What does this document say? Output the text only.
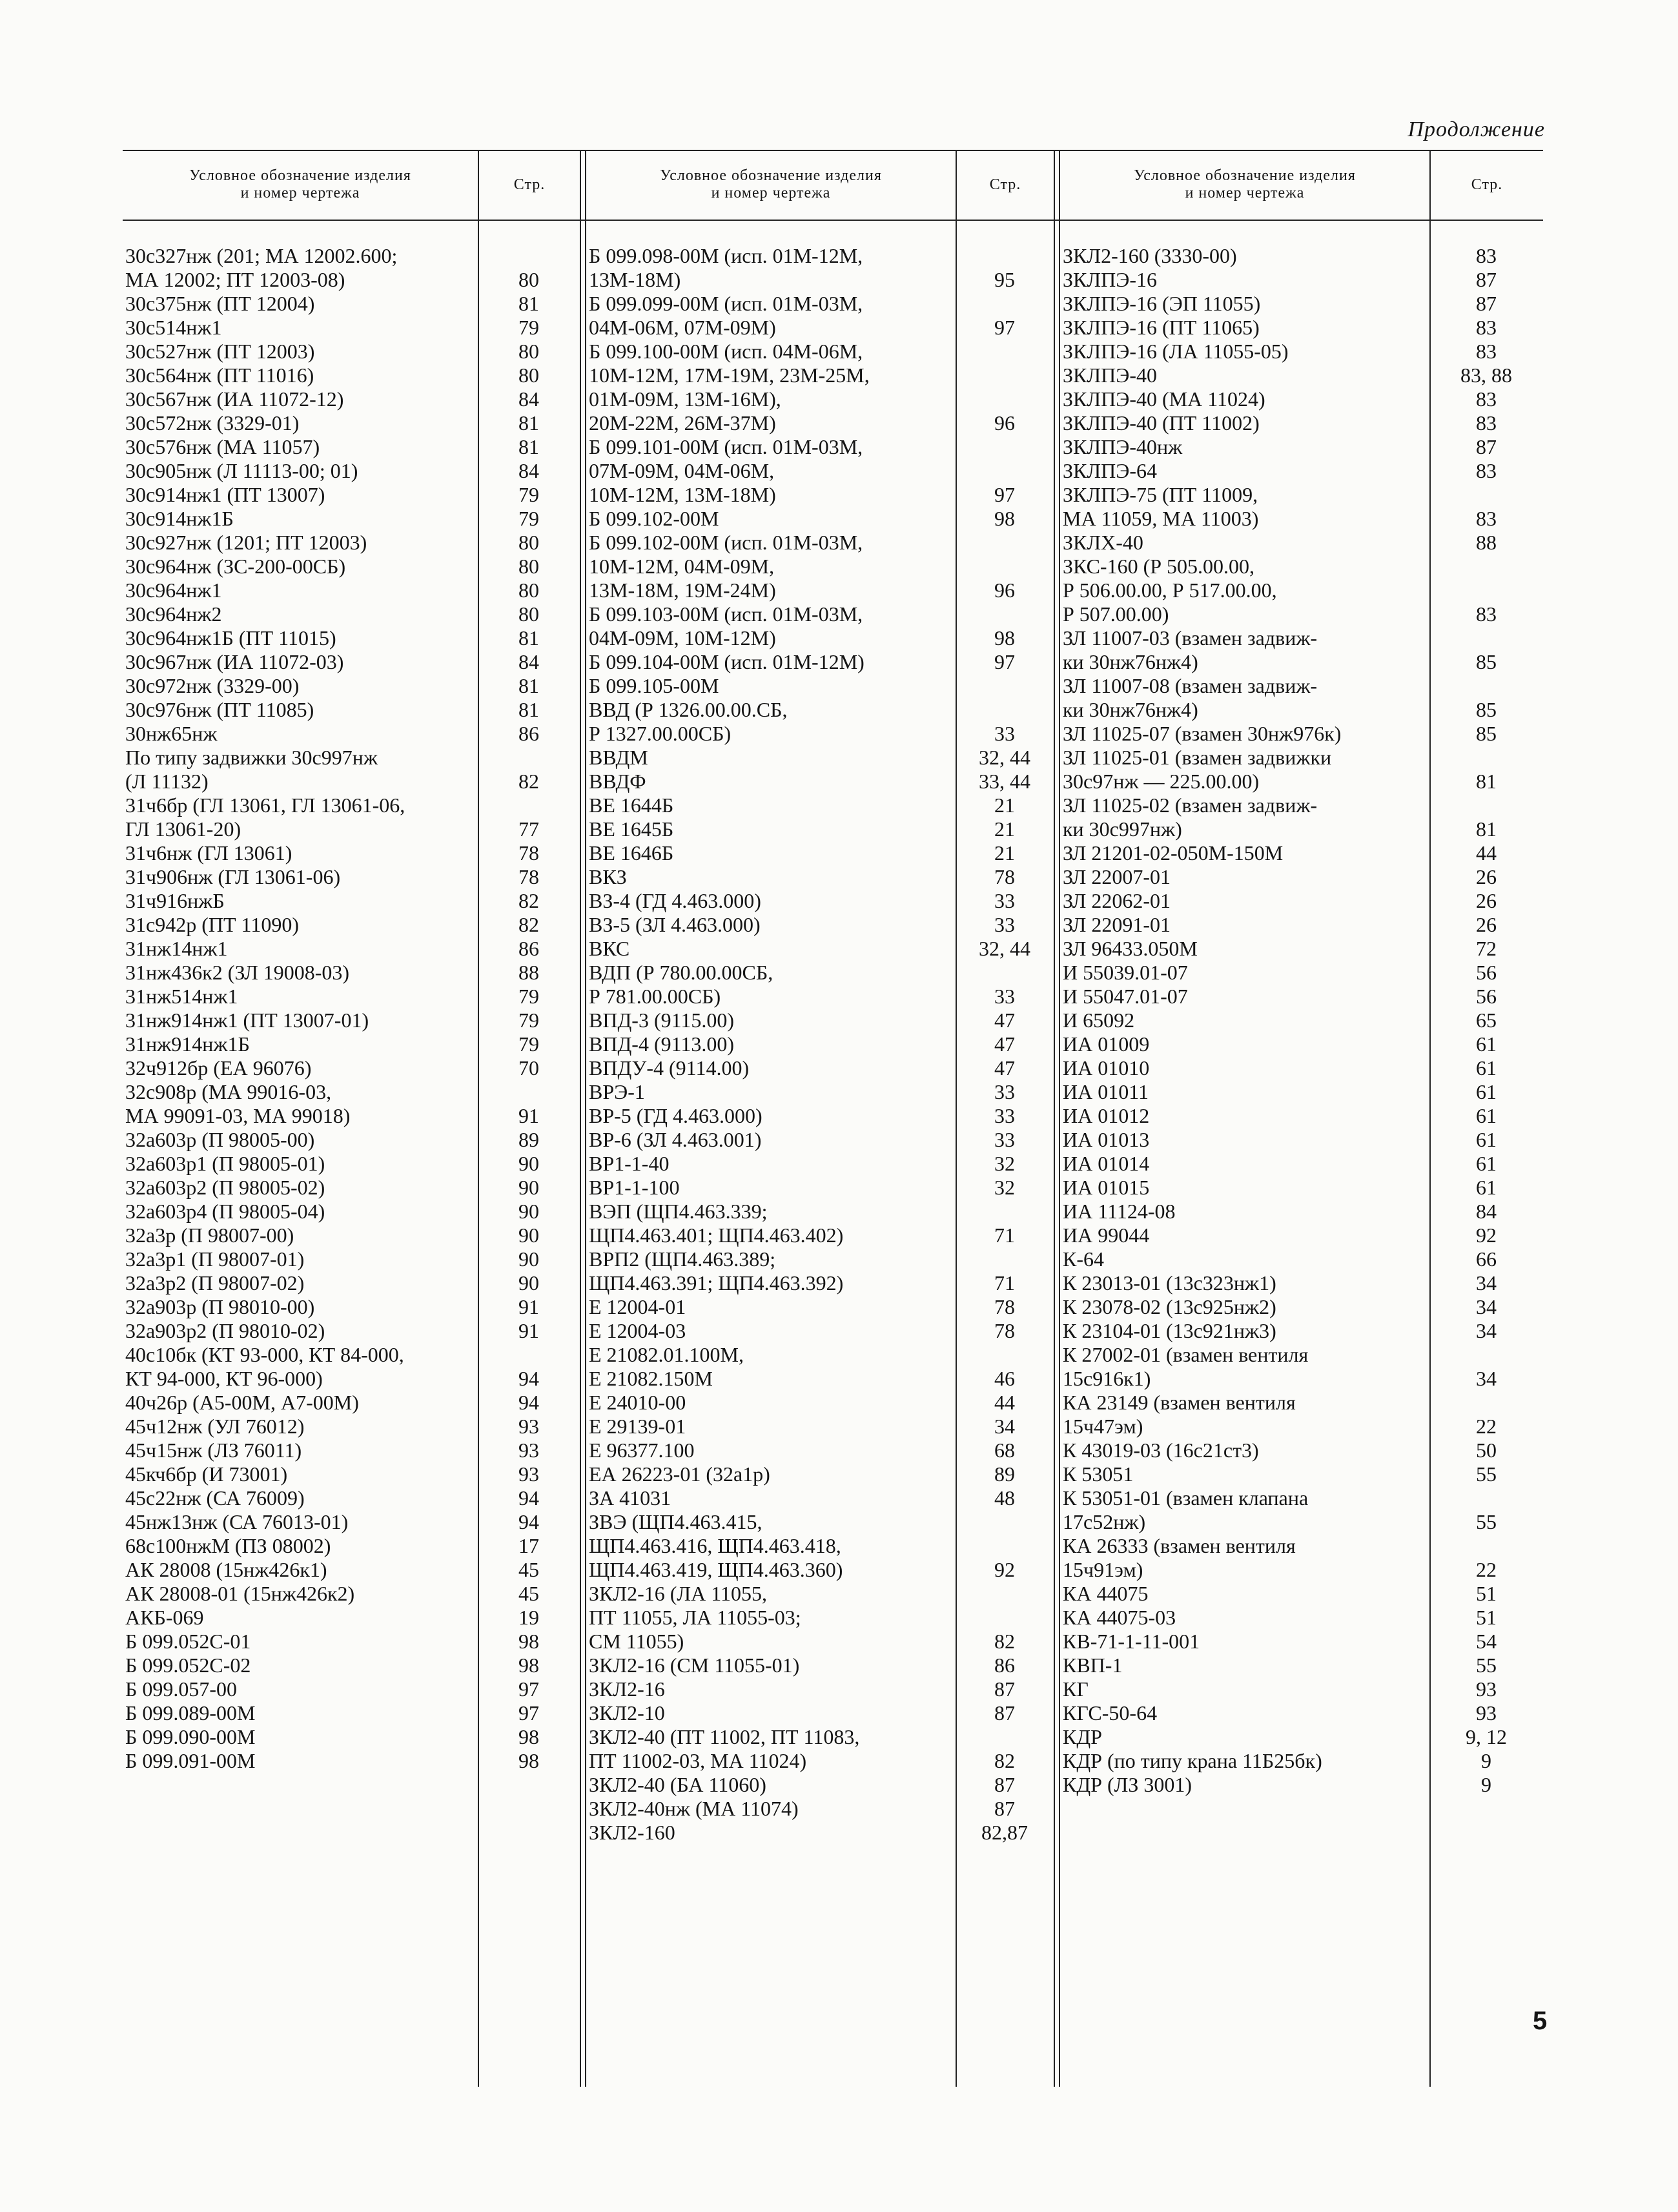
Продолжение
Условное обозначение изделия
и номер чертежа
Стр.
Условное обозначение изделия
и номер чертежа
Стр.
Условное обозначение изделия
и номер чертежа
Стр.
30с327нж (201; МА 12002.600;
МА 12002; ПТ 12003-08)	80
30с375нж (ПТ 12004)	81
30с514нж1	79
30с527нж (ПТ 12003)	80
30с564нж (ПТ 11016)	80
30с567нж (ИА 11072-12)	84
30с572нж (3329-01)	81
30с576нж (МА 11057)	81
30с905нж (Л 11113-00; 01)	84
30с914нж1 (ПТ 13007)	79
30с914нж1Б	79
30с927нж (1201; ПТ 12003)	80
30с964нж (ЗС-200-00СБ)	80
30с964нж1	80
30с964нж2	80
30с964нж1Б (ПТ 11015)	81
30с967нж (ИА 11072-03)	84
30с972нж (3329-00)	81
30с976нж (ПТ 11085)	81
30нж65нж	86
По типу задвижки 30с997нж
(Л 11132)	82
31ч6бр (ГЛ 13061, ГЛ 13061-06,
ГЛ 13061-20)	77
31ч6нж (ГЛ 13061)	78
31ч906нж (ГЛ 13061-06)	78
31ч916нжБ	82
31с942р (ПТ 11090)	82
31нж14нж1	86
31нж436к2 (ЗЛ 19008-03)	88
31нж514нж1	79
31нж914нж1 (ПТ 13007-01)	79
31нж914нж1Б	79
32ч912бр (ЕА 96076)	70
32с908р (МА 99016-03,
МА 99091-03, МА 99018)	91
32а603р (П 98005-00)	89
32а603р1 (П 98005-01)	90
32а603р2 (П 98005-02)	90
32а603р4 (П 98005-04)	90
32а3р (П 98007-00)	90
32а3р1 (П 98007-01)	90
32а3р2 (П 98007-02)	90
32а903р (П 98010-00)	91
32а903р2 (П 98010-02)	91
40с10бк (КТ 93-000, КТ 84-000,
КТ 94-000, КТ 96-000)	94
40ч26р (А5-00М, А7-00М)	94
45ч12нж (УЛ 76012)	93
45ч15нж (ЛЗ 76011)	93
45кч6бр (И 73001)	93
45с22нж (СА 76009)	94
45нж13нж (СА 76013-01)	94
68с100нжМ (ПЗ 08002)	17
АК 28008 (15нж426к1)	45
АК 28008-01 (15нж426к2)	45
АКБ-069	19
Б 099.052С-01	98
Б 099.052С-02	98
Б 099.057-00	97
Б 099.089-00М	97
Б 099.090-00М	98
Б 099.091-00М	98
Б 099.098-00М (исп. 01М-12М,
13М-18М)	95
Б 099.099-00М (исп. 01М-03М,
04М-06М, 07М-09М)	97
Б 099.100-00М (исп. 04М-06М,
10М-12М, 17М-19М, 23М-25М,
01М-09М, 13М-16М),
20М-22М, 26М-37М)	96
Б 099.101-00М (исп. 01М-03М,
07М-09М, 04М-06М,
10М-12М, 13М-18М)	97
Б 099.102-00М	98
Б 099.102-00М (исп. 01М-03М,
10М-12М, 04М-09М,
13М-18М, 19М-24М)	96
Б 099.103-00М (исп. 01М-03М,
04М-09М, 10М-12М)	98
Б 099.104-00М (исп. 01М-12М)	97
Б 099.105-00М
ВВД (Р 1326.00.00.СБ,
Р 1327.00.00СБ)	33
ВВДМ	32, 44
ВВДФ	33, 44
ВЕ 1644Б	21
ВЕ 1645Б	21
ВЕ 1646Б	21
ВКЗ	78
ВЗ-4 (ГД 4.463.000)	33
ВЗ-5 (ЗЛ 4.463.000)	33
ВКС	32, 44
ВДП (Р 780.00.00СБ,
Р 781.00.00СБ)	33
ВПД-3 (9115.00)	47
ВПД-4 (9113.00)	47
ВПДУ-4 (9114.00)	47
ВРЭ-1	33
ВР-5 (ГД 4.463.000)	33
ВР-6 (ЗЛ 4.463.001)	33
ВР1-1-40	32
ВР1-1-100	32
ВЭП (ЩП4.463.339;
ЩП4.463.401; ЩП4.463.402)	71
ВРП2 (ЩП4.463.389;
ЩП4.463.391; ЩП4.463.392)	71
Е 12004-01	78
Е 12004-03	78
Е 21082.01.100М,
Е 21082.150М	46
Е 24010-00	44
Е 29139-01	34
Е 96377.100	68
ЕА 26223-01 (32а1р)	89
ЗА 41031	48
ЗВЭ (ЩП4.463.415,
ЩП4.463.416, ЩП4.463.418,
ЩП4.463.419, ЩП4.463.360)	92
ЗКЛ2-16 (ЛА 11055,
ПТ 11055, ЛА 11055-03;
СМ 11055)	82
ЗКЛ2-16 (СМ 11055-01)	86
ЗКЛ2-16	87
ЗКЛ2-10	87
ЗКЛ2-40 (ПТ 11002, ПТ 11083,
ПТ 11002-03, МА 11024)	82
ЗКЛ2-40 (БА 11060)	87
ЗКЛ2-40нж (МА 11074)	87
ЗКЛ2-160	82,87
ЗКЛ2-160 (3330-00)	83
ЗКЛПЭ-16	87
ЗКЛПЭ-16 (ЭП 11055)	87
ЗКЛПЭ-16 (ПТ 11065)	83
ЗКЛПЭ-16 (ЛА 11055-05)	83
ЗКЛПЭ-40	83, 88
ЗКЛПЭ-40 (МА 11024)	83
ЗКЛПЭ-40 (ПТ 11002)	83
ЗКЛПЭ-40нж	87
ЗКЛПЭ-64	83
ЗКЛПЭ-75 (ПТ 11009,
МА 11059, МА 11003)	83
ЗКЛХ-40	88
ЗКС-160 (Р 505.00.00,
Р 506.00.00, Р 517.00.00,
Р 507.00.00)	83
ЗЛ 11007-03 (взамен задвиж-
ки 30нж76нж4)	85
ЗЛ 11007-08 (взамен задвиж-
ки 30нж76нж4)	85
ЗЛ 11025-07 (взамен 30нж976к)	85
ЗЛ 11025-01 (взамен задвижки
30с97нж — 225.00.00)	81
ЗЛ 11025-02 (взамен задвиж-
ки 30с997нж)	81
ЗЛ 21201-02-050М-150М	44
ЗЛ 22007-01	26
ЗЛ 22062-01	26
ЗЛ 22091-01	26
ЗЛ 96433.050М	72
И 55039.01-07	56
И 55047.01-07	56
И 65092	65
ИА 01009	61
ИА 01010	61
ИА 01011	61
ИА 01012	61
ИА 01013	61
ИА 01014	61
ИА 01015	61
ИА 11124-08	84
ИА 99044	92
К-64	66
К 23013-01 (13с323нж1)	34
К 23078-02 (13с925нж2)	34
К 23104-01 (13с921нж3)	34
К 27002-01 (взамен вентиля
15с916к1)	34
КА 23149 (взамен вентиля
15ч47эм)	22
К 43019-03 (16с21ст3)	50
К 53051	55
К 53051-01 (взамен клапана
17с52нж)	55
КА 26333 (взамен вентиля
15ч91эм)	22
КА 44075	51
КА 44075-03	51
КВ-71-1-11-001	54
КВП-1	55
КГ	93
КГС-50-64	93
КДР	9, 12
КДР (по типу крана 11Б25бк)	9
КДР (ЛЗ 3001)	9
5
